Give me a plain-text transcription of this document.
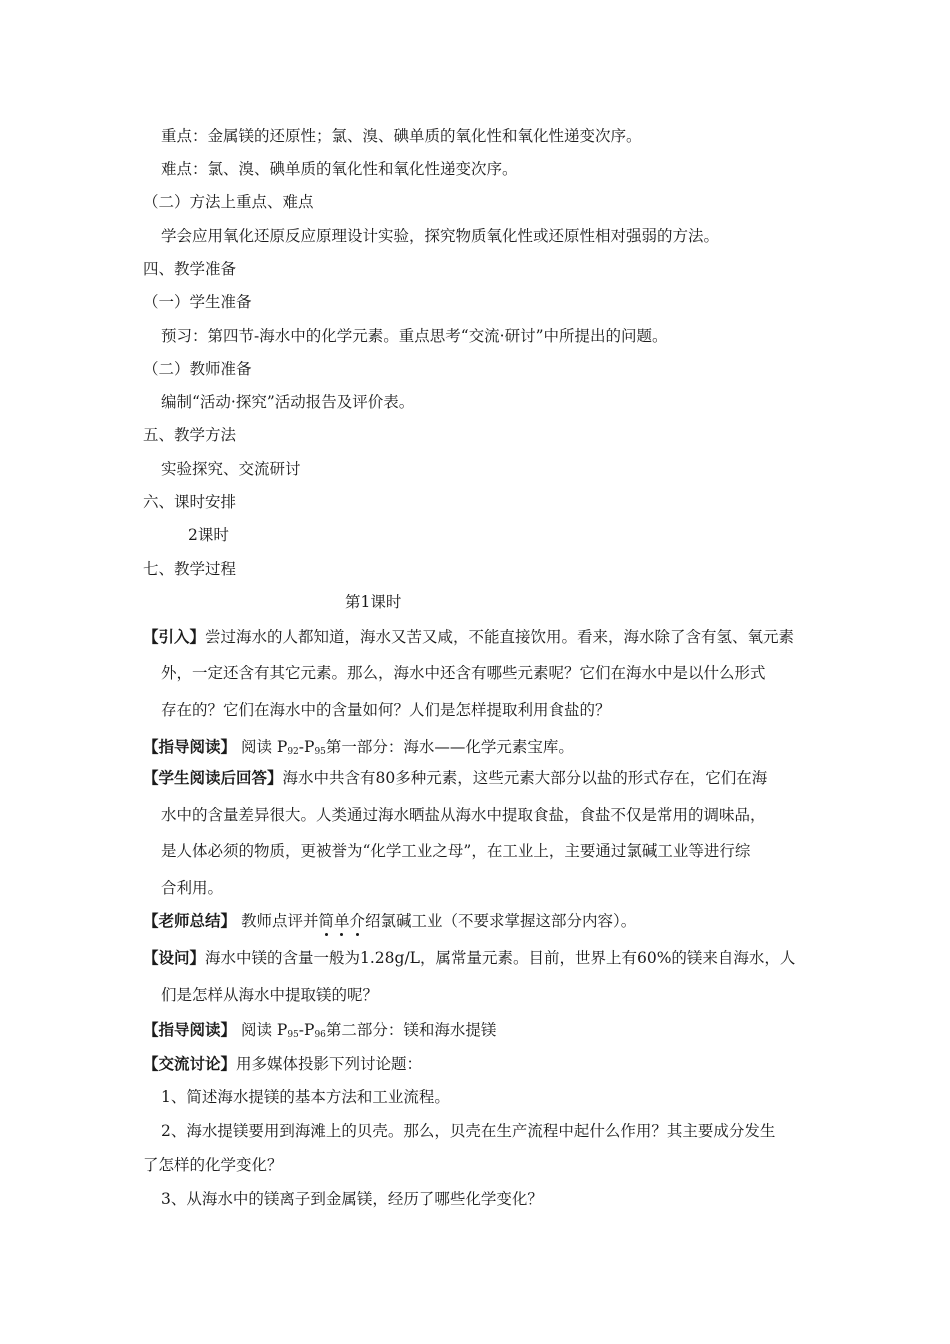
重点：金属镁的还原性；氯、溴、碘单质的氧化性和氧化性递变次序。
难点：氯、溴、碘单质的氧化性和氧化性递变次序。
（二）方法上重点、难点
学会应用氧化还原反应原理设计实验，探究物质氧化性或还原性相对强弱的方法。
四、教学准备
（一）学生准备
预习：第四节-海水中的化学元素。重点思考“交流·研讨”中所提出的问题。
（二）教师准备
编制“活动·探究”活动报告及评价表。
五、教学方法
实验探究、交流研讨
六、课时安排
2课时
七、教学过程
第1课时
【引入】尝过海水的人都知道，海水又苦又咸，不能直接饮用。看来，海水除了含有氢、氧元素
外，一定还含有其它元素。那么，海水中还含有哪些元素呢？它们在海水中是以什么形式
存在的？它们在海水中的含量如何？人们是怎样提取利用食盐的？
【指导阅读】 阅读 $P_{92}-P_{95}$第一部分：海水——化学元素宝库。
【学生阅读后回答】海水中共含有80多种元素，这些元素大部分以盐的形式存在，它们在海
水中的含量差异很大。人类通过海水晒盐从海水中提取食盐，食盐不仅是常用的调味品，
是人体必须的物质，更被誉为“化学工业之母”，在工业上，主要通过氯碱工业等进行综
合利用。
【老师总结】 教师点评并简单介绍氯碱工业（不要求掌握这部分内容）。
【设问】海水中镁的含量一般为1.28g/L，属常量元素。目前，世界上有60%的镁来自海水，人
们是怎样从海水中提取镁的呢？
【指导阅读】 阅读 $P_{95}-P_{96}$第二部分：镁和海水提镁
【交流讨论】用多媒体投影下列讨论题：
1、简述海水提镁的基本方法和工业流程。
2、海水提镁要用到海滩上的贝壳。那么，贝壳在生产流程中起什么作用？其主要成分发生
了怎样的化学变化？
3、从海水中的镁离子到金属镁，经历了哪些化学变化？
